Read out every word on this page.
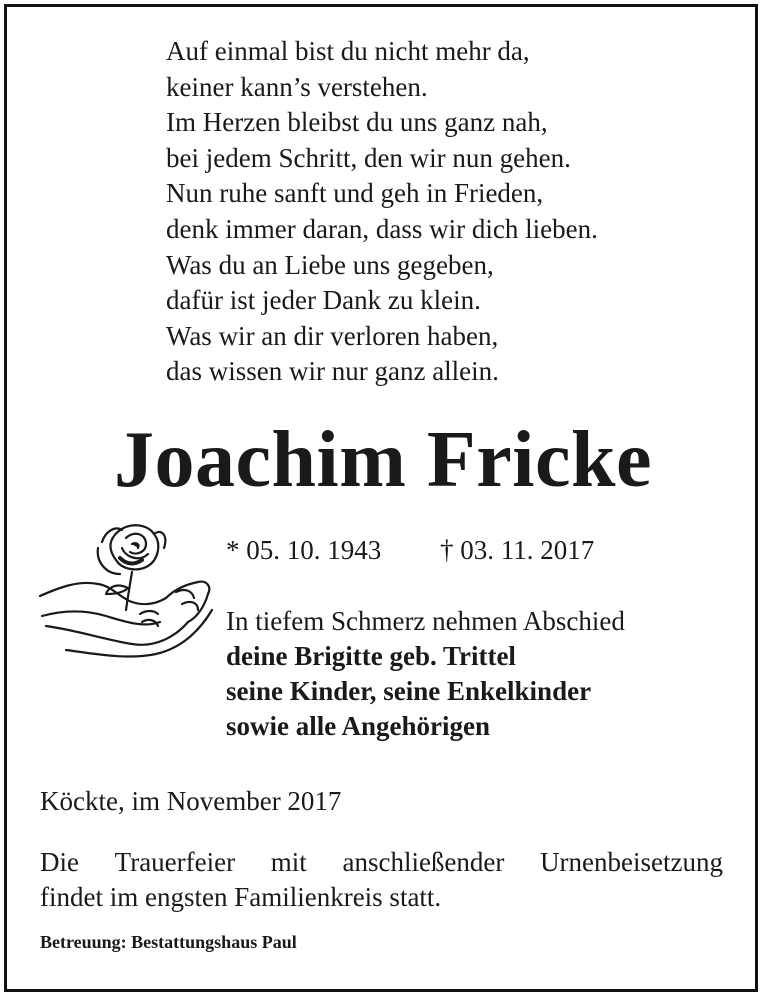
Auf einmal bist du nicht mehr da,
keiner kann’s verstehen.
Im Herzen bleibst du uns ganz nah,
bei jedem Schritt, den wir nun gehen.
Nun ruhe sanft und geh in Frieden,
denk immer daran, dass wir dich lieben.
Was du an Liebe uns gegeben,
dafür ist jeder Dank zu klein.
Was wir an dir verloren haben,
das wissen wir nur ganz allein.
Joachim Fricke
* 05. 10. 1943 † 03. 11. 2017
In tiefem Schmerz nehmen Abschied
deine Brigitte geb. Trittel
seine Kinder, seine Enkelkinder
sowie alle Angehörigen
Köckte, im November 2017
Die Trauerfeier mit anschließender Urnenbeisetzung
findet im engsten Familienkreis statt.
Betreuung: Bestattungshaus Paul
